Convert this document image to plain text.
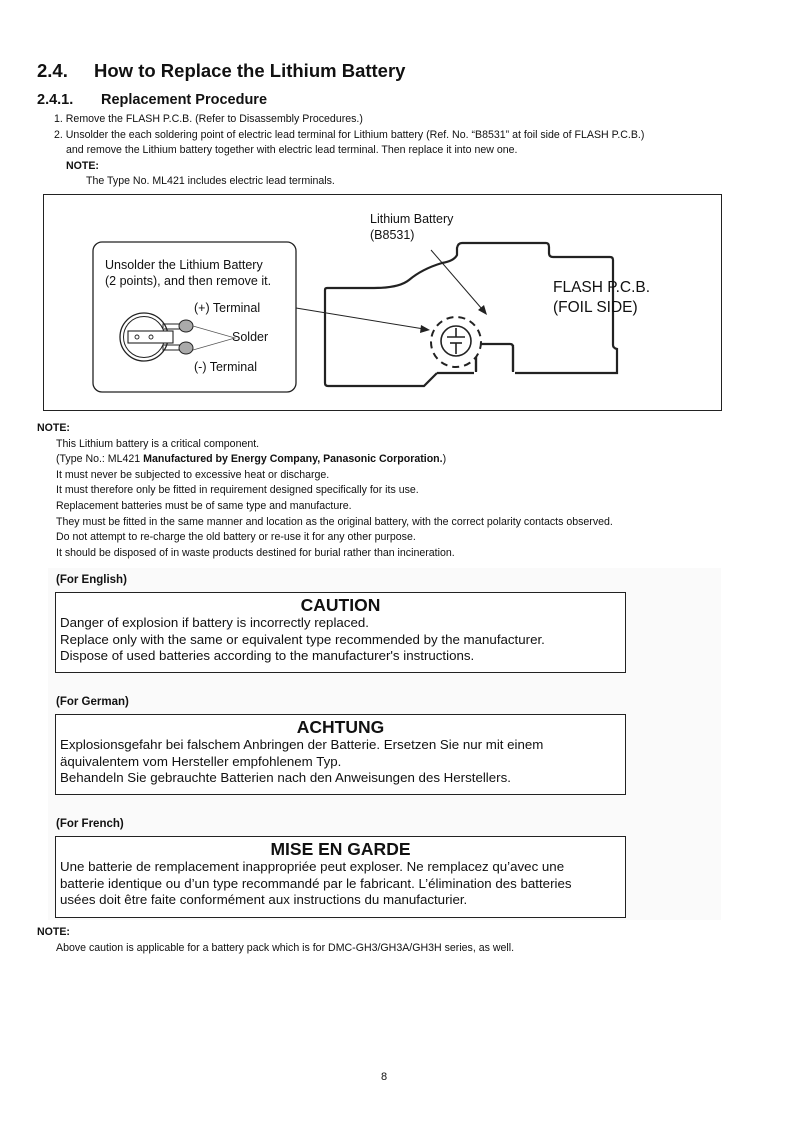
2.4. How to Replace the Lithium Battery
2.4.1. Replacement Procedure
1. Remove the FLASH P.C.B. (Refer to Disassembly Procedures.)
2. Unsolder the each soldering point of electric lead terminal for Lithium battery (Ref. No. “B8531” at foil side of FLASH P.C.B.)
and remove the Lithium battery together with electric lead terminal. Then replace it into new one.
NOTE:
The Type No. ML421 includes electric lead terminals.
Unsolder the Lithium Battery
(2 points), and then remove it.
(+) Terminal
Solder
(-) Terminal
Lithium Battery
(B8531)
FLASH P.C.B.
(FOIL SIDE)
NOTE:
This Lithium battery is a critical component.
(Type No.: ML421 Manufactured by Energy Company, Panasonic Corporation.)
It must never be subjected to excessive heat or discharge.
It must therefore only be fitted in requirement designed specifically for its use.
Replacement batteries must be of same type and manufacture.
They must be fitted in the same manner and location as the original battery, with the correct polarity contacts observed.
Do not attempt to re-charge the old battery or re-use it for any other purpose.
It should be disposed of in waste products destined for burial rather than incineration.
(For English)
CAUTION
Danger of explosion if battery is incorrectly replaced.
Replace only with the same or equivalent type recommended by the manufacturer.
Dispose of used batteries according to the manufacturer's instructions.
(For German)
ACHTUNG
Explosionsgefahr bei falschem Anbringen der Batterie. Ersetzen Sie nur mit einem
äquivalentem vom Hersteller empfohlenem Typ.
Behandeln Sie gebrauchte Batterien nach den Anweisungen des Herstellers.
(For French)
MISE EN GARDE
Une batterie de remplacement inappropriée peut exploser. Ne remplacez qu’avec une
batterie identique ou d’un type recommandé par le fabricant. L’élimination des batteries
usées doit être faite conformément aux instructions du manufacturier.
NOTE:
Above caution is applicable for a battery pack which is for DMC-GH3/GH3A/GH3H series, as well.
8
